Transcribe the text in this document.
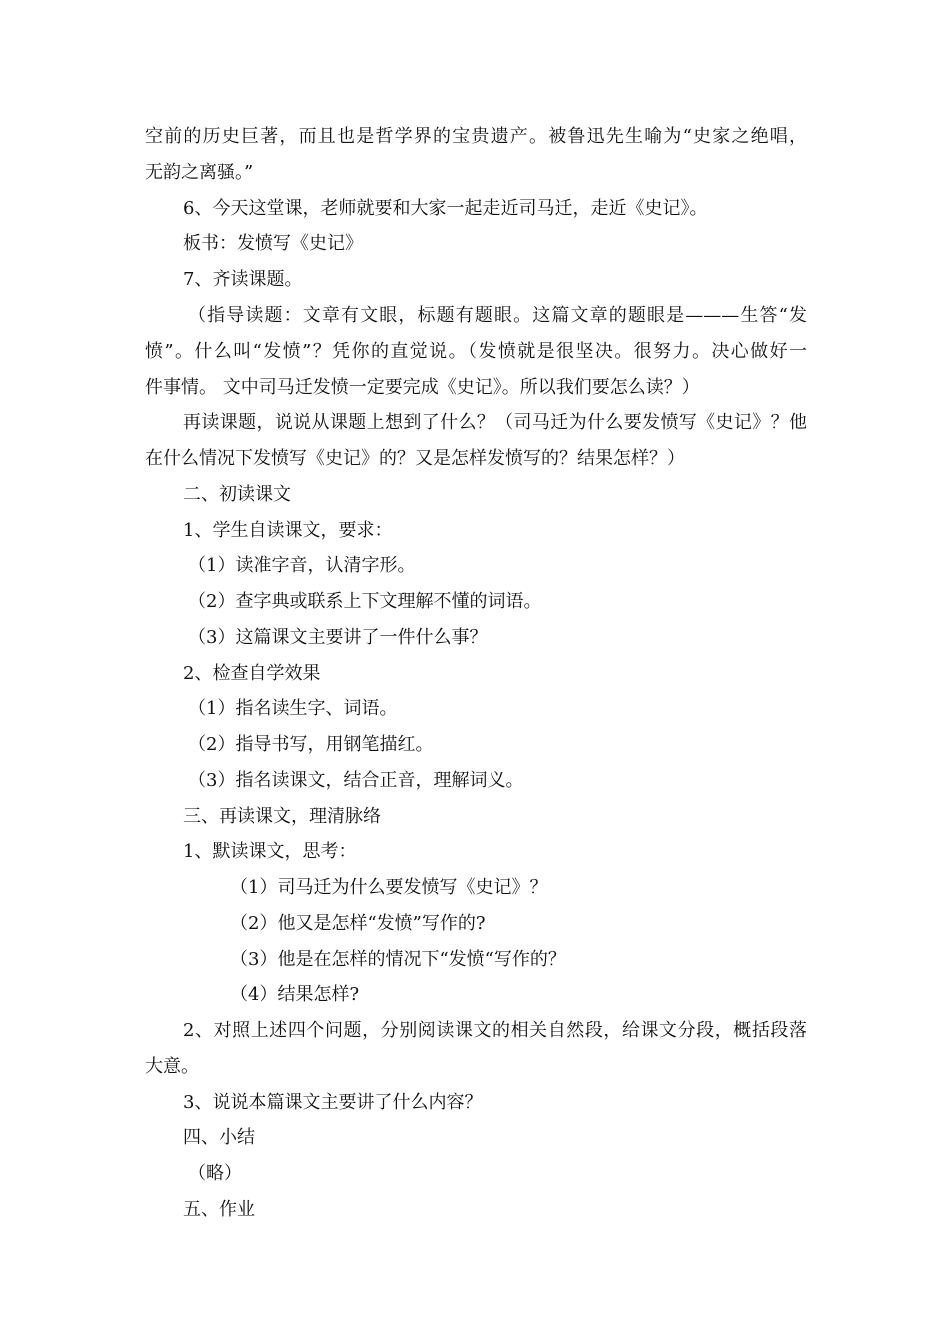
空前的历史巨著，而且也是哲学界的宝贵遗产。被鲁迅先生喻为“史家之绝唱，
无韵之离骚。”
6、今天这堂课，老师就要和大家一起走近司马迁，走近《史记》。
板书：发愤写《史记》
7、齐读课题。
（指导读题：文章有文眼，标题有题眼。这篇文章的题眼是———生答“发
愤”。什么叫“发愤”？凭你的直觉说。（发愤就是很坚决。很努力。决心做好一
件事情。 文中司马迁发愤一定要完成《史记》。所以我们要怎么读？）
再读课题，说说从课题上想到了什么？（司马迁为什么要发愤写《史记》？他
在什么情况下发愤写《史记》的？又是怎样发愤写的？结果怎样？）
二、初读课文
1、学生自读课文，要求：
（1）读准字音，认清字形。
（2）查字典或联系上下文理解不懂的词语。
（3）这篇课文主要讲了一件什么事？
2、检查自学效果
（1）指名读生字、词语。
（2）指导书写，用钢笔描红。
（3）指名读课文，结合正音，理解词义。
三、再读课文，理清脉络
1、默读课文，思考：
（1）司马迁为什么要发愤写《史记》？
（2）他又是怎样“发愤”写作的?
（3）他是在怎样的情况下“发愤“写作的？
（4）结果怎样?
2、对照上述四个问题，分别阅读课文的相关自然段，给课文分段，概括段落
大意。
3、说说本篇课文主要讲了什么内容？
四、小结
（略）
五、作业
